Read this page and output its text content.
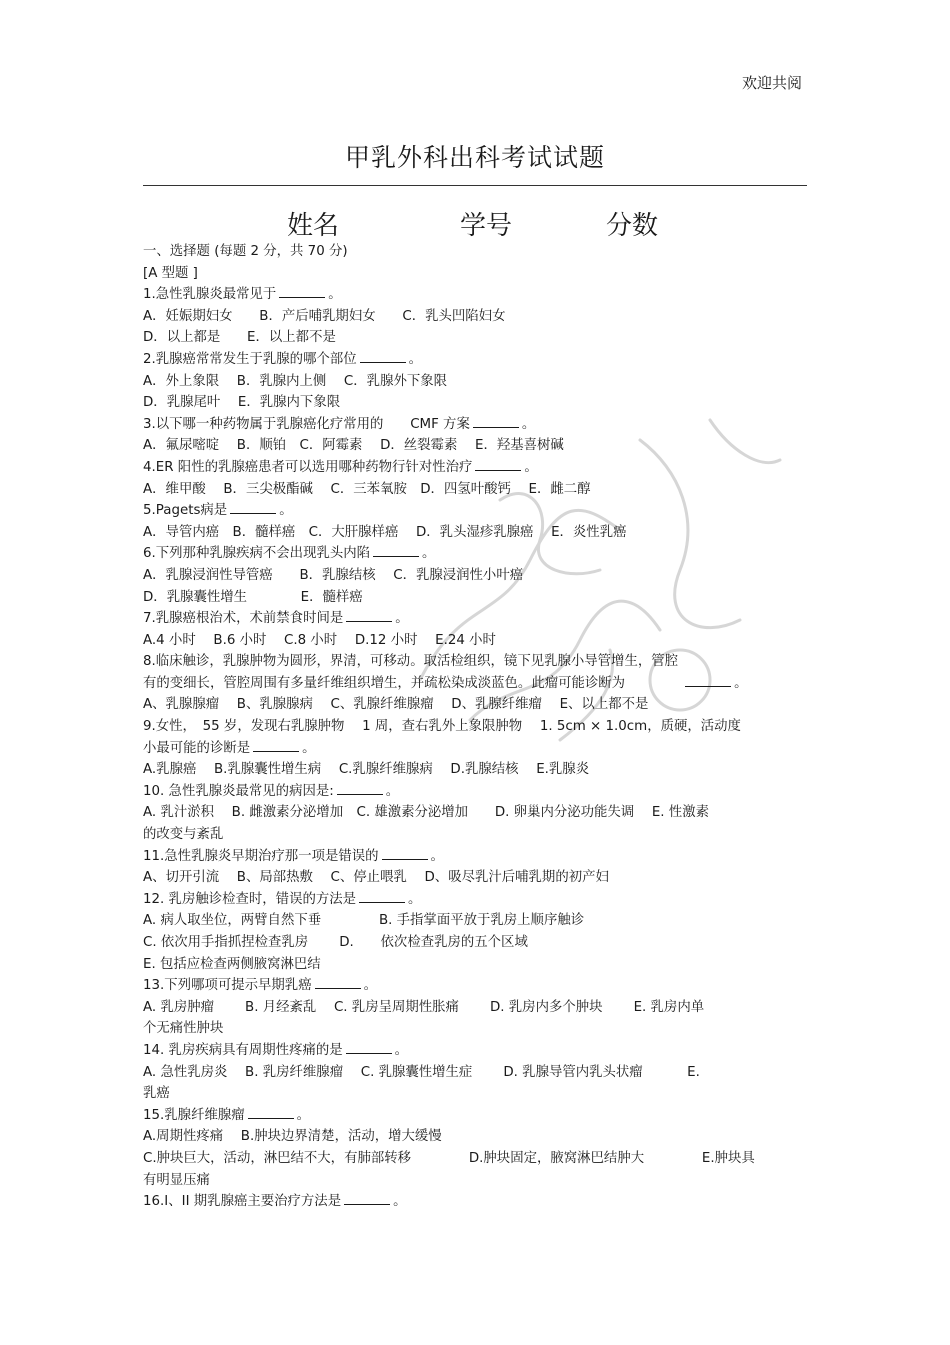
欢迎共阅
甲乳外科出科考试试题
姓名	学号	分数
一、选择题 (每题 2 分，共 70 分)
[A 型题 ]
1.急性乳腺炎最常见于	。
A．妊娠期妇女　　B．产后哺乳期妇女　　C．乳头凹陷妇女
D．以上都是　　E．以上都不是
2.乳腺癌常常发生于乳腺的哪个部位	。
A．外上象限　 B．乳腺内上侧　 C．乳腺外下象限
D．乳腺尾叶　 E．乳腺内下象限
3.以下哪一种药物属于乳腺癌化疗常用的　　CMF 方案	。
A．氟尿嘧啶　 B．顺铂　C．阿霉素　 D．丝裂霉素　 E．羟基喜树碱
4.ER 阳性的乳腺癌患者可以选用哪种药物行针对性治疗	。
A．维甲酸　 B．三尖极酯碱　 C．三苯氧胺　D．四氢叶酸钙　 E．雌二醇
5.Pagets病是	。
A．导管内癌　B．髓样癌　C．大肝腺样癌　 D．乳头湿疹乳腺癌　 E．炎性乳癌
6.下列那种乳腺疾病不会出现乳头内陷	。
A．乳腺浸润性导管癌　　B．乳腺结核　 C．乳腺浸润性小叶癌
D．乳腺囊性增生　　　　E．髓样癌
7.乳腺癌根治术，术前禁食时间是	。
A.4 小时　 B.6 小时　 C.8 小时　 D.12 小时　 E.24 小时
8.临床触诊，乳腺肿物为圆形，界清，可移动。取活检组织，镜下见乳腺小导管增生，管腔
有的变细长，管腔周围有多量纤维组织增生，并疏松染成淡蓝色。此瘤可能诊断为	。
A、乳腺腺瘤　 B、乳腺腺病　 C、乳腺纤维腺瘤　 D、乳腺纤维瘤　 E、以上都不是
9.女性，　55 岁，发现右乳腺肿物　 1 周，查右乳外上象限肿物　 1. 5cm × 1.0cm，质硬，活动度
小最可能的诊断是	。
A.乳腺癌　 B.乳腺囊性增生病　 C.乳腺纤维腺病　 D.乳腺结核　 E.乳腺炎
10. 急性乳腺炎最常见的病因是:	。
A. 乳汁淤积　 B. 雌激素分泌增加　C. 雄激素分泌增加　　D. 卵巢内分泌功能失调　 E. 性激素
的改变与紊乱
11.急性乳腺炎早期治疗那一项是错误的	。
A、切开引流　 B、局部热敷　 C、停止喂乳　 D、吸尽乳汁后哺乳期的初产妇
12. 乳房触诊检查时，错误的方法是	。
A. 病人取坐位，两臂自然下垂　　　　 B. 手指掌面平放于乳房上顺序触诊
C. 依次用手指抓捏检查乳房　　 D.　　依次检查乳房的五个区域
E. 包括应检查两侧腋窝淋巴结
13.下列哪项可提示早期乳癌	。
A. 乳房肿瘤　　 B. 月经紊乱　 C. 乳房呈周期性胀痛　　 D. 乳房内多个肿块　　 E. 乳房内单
个无痛性肿块
14. 乳房疾病具有周期性疼痛的是	。
A. 急性乳房炎　 B. 乳房纤维腺瘤　 C. 乳腺囊性增生症　　 D. 乳腺导管内乳头状瘤　　　 E.
乳癌
15.乳腺纤维腺瘤	。
A.周期性疼痛　 B.肿块边界清楚，活动，增大缓慢
C.肿块巨大，活动，淋巴结不大，有肺部转移　　　　 D.肿块固定，腋窝淋巴结肿大　　　　 E.肿块具
有明显压痛
16.I、II 期乳腺癌主要治疗方法是	。
